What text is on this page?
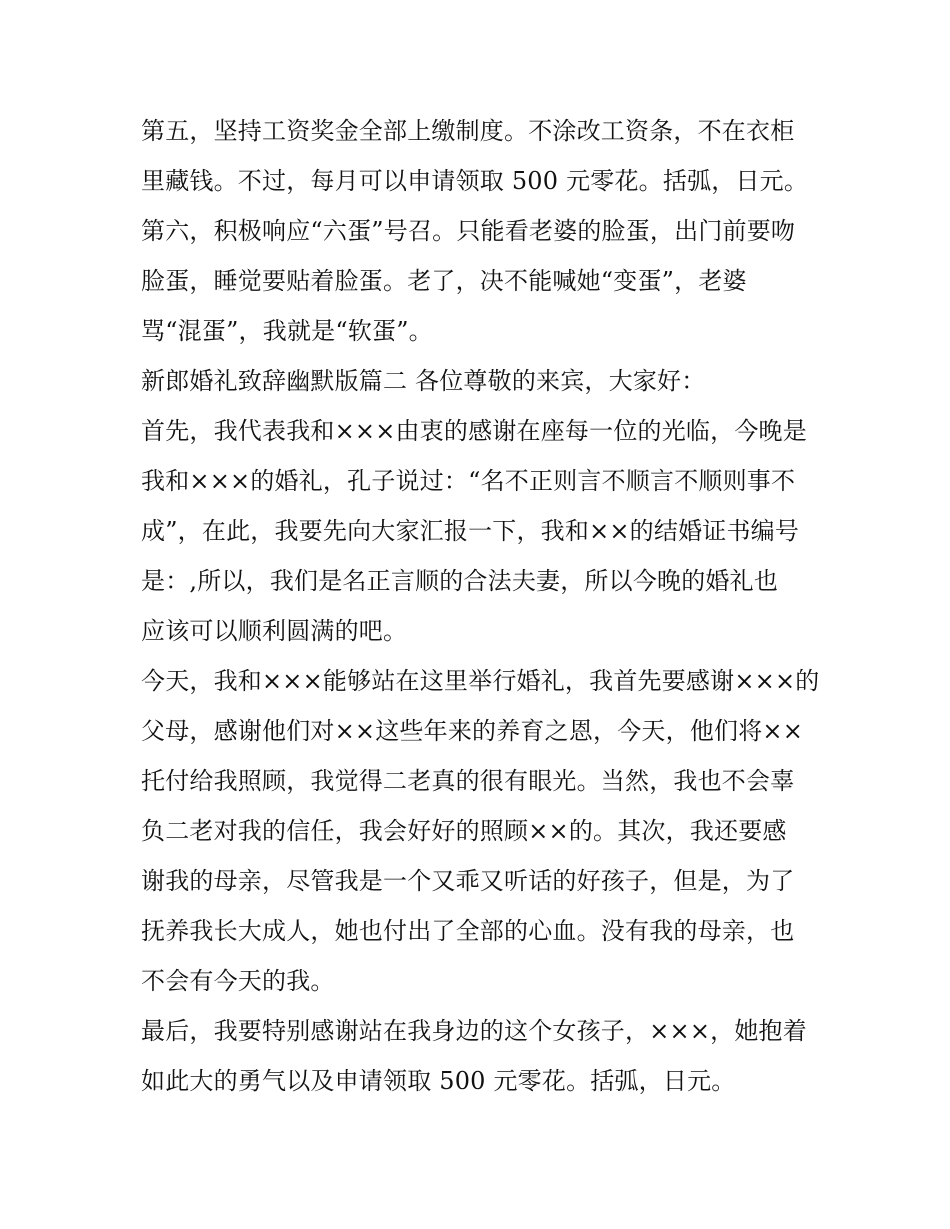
第五，坚持工资奖金全部上缴制度。不涂改工资条，不在衣柜
里藏钱。不过，每月可以申请领取 500 元零花。括弧，日元。
第六，积极响应“六蛋”号召。只能看老婆的脸蛋，出门前要吻
脸蛋，睡觉要贴着脸蛋。老了，决不能喊她“变蛋”，老婆
骂“混蛋”，我就是“软蛋”。
新郎婚礼致辞幽默版篇二 各位尊敬的来宾，大家好：
首先，我代表我和×××由衷的感谢在座每一位的光临，今晚是
我和×××的婚礼，孔子说过：“名不正则言不顺言不顺则事不
成”，在此，我要先向大家汇报一下，我和××的结婚证书编号
是：,所以，我们是名正言顺的合法夫妻，所以今晚的婚礼也
应该可以顺利圆满的吧。
今天，我和×××能够站在这里举行婚礼，我首先要感谢×××的
父母，感谢他们对××这些年来的养育之恩，今天，他们将××
托付给我照顾，我觉得二老真的很有眼光。当然，我也不会辜
负二老对我的信任，我会好好的照顾××的。其次，我还要感
谢我的母亲，尽管我是一个又乖又听话的好孩子，但是，为了
抚养我长大成人，她也付出了全部的心血。没有我的母亲，也
不会有今天的我。
最后，我要特别感谢站在我身边的这个女孩子，×××，她抱着
如此大的勇气以及申请领取 500 元零花。括弧，日元。
